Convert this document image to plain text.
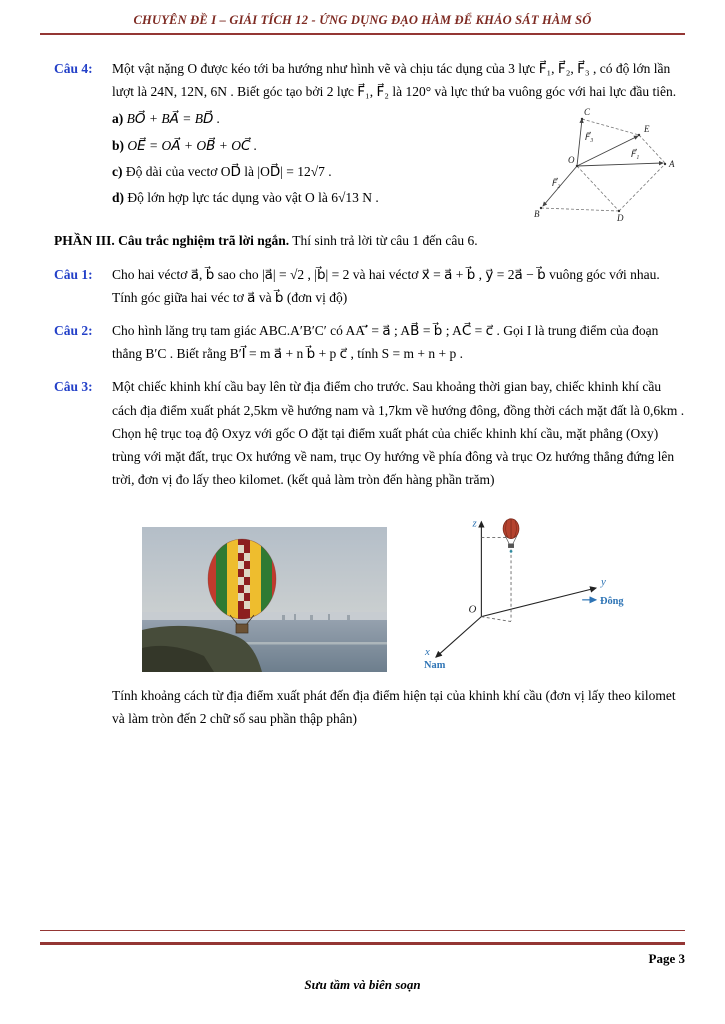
CHUYÊN ĐỀ I – GIẢI TÍCH 12 - ỨNG DỤNG ĐẠO HÀM ĐỂ KHẢO SÁT HÀM SỐ
Câu 4:	Một vật nặng O được kéo tới ba hướng như hình vẽ và chịu tác dụng của 3 lực F⃗₁, F⃗₂, F⃗₃ , có độ lớn lần lượt là 24N, 12N, 6N . Biết góc tạo bởi 2 lực F⃗₁, F⃗₂ là 120° và lực thứ ba vuông góc với hai lực đầu tiên.

a) BO⃗ + BA⃗ = BD⃗ .
b) OE⃗ = OA⃗ + OB⃗ + OC⃗ .
c) Độ dài của vectơ OD⃗ là |OD⃗| = 12√7 .
d) Độ lớn hợp lực tác dụng vào vật O là 6√13 N .

PHẦN III. Câu trắc nghiệm trã lời ngắn. Thí sinh trả lời từ câu 1 đến câu 6.

Câu 1:	Cho hai véctơ a⃗, b⃗ sao cho |a⃗| = √2 , |b⃗| = 2 và hai véctơ x⃗ = a⃗ + b⃗ , y⃗ = 2a⃗ − b⃗ vuông góc với nhau. Tính góc giữa hai véc tơ a⃗ và b⃗ (đơn vị độ)

Câu 2:	Cho hình lăng trụ tam giác ABC.A′B′C′ có AA′⃗ = a⃗ ; AB⃗ = b⃗ ; AC⃗ = c⃗ . Gọi I là trung điểm của đoạn thẳng B′C . Biết rằng B′I⃗ = m a⃗ + n b⃗ + p c⃗ , tính S = m + n + p .

Câu 3:	Một chiếc khinh khí cầu bay lên từ địa điểm cho trước. Sau khoảng thời gian bay, chiếc khinh khí cầu cách địa điểm xuất phát 2,5km về hướng nam và 1,7km về hướng đông, đồng thời cách mặt đất là 0,6km . Chọn hệ trục toạ độ Oxyz với gốc O đặt tại điểm xuất phát của chiếc khinh khí cầu, mặt phẳng (Oxy) trùng với mặt đất, trục Ox hướng về nam, trục Oy hướng về phía đông và trục Oz hướng thẳng đứng lên trời, đơn vị đo lấy theo kilomet. (kết quả làm tròn đến hàng phần trăm)

z
y
x
O
Đông
Nam

Tính khoảng cách từ địa điểm xuất phát đến địa điểm hiện tại của khinh khí cầu (đơn vị lấy theo kilomet và làm tròn đến 2 chữ số sau phần thập phân)

C
E
A
B	D
O
F⃗₃
F⃗₁
F⃗₂
Page 3
Sưu tầm và biên soạn
